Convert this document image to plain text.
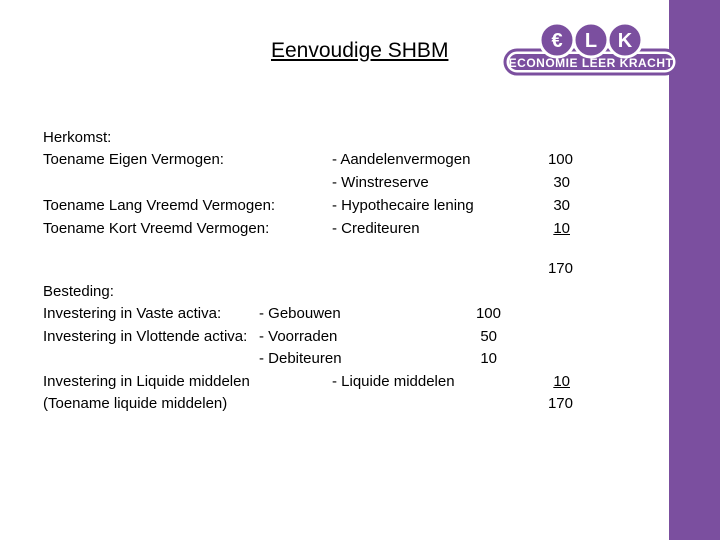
Eenvoudige SHBM	€ L K
ECONOMIE LEER KRACHT
Herkomst:
Toename Eigen Vermogen:	- Aandelenvermogen	100
- Winstreserve	30
Toename Lang Vreemd Vermogen:	- Hypothecaire lening	30
Toename Kort Vreemd Vermogen:	- Crediteuren	10
170
Besteding:
Investering in Vaste activa:	- Gebouwen	100
Investering in Vlottende activa: - Voorraden	50
- Debiteuren	10
Investering in Liquide middelen	- Liquide middelen	10
(Toename liquide middelen)	170
